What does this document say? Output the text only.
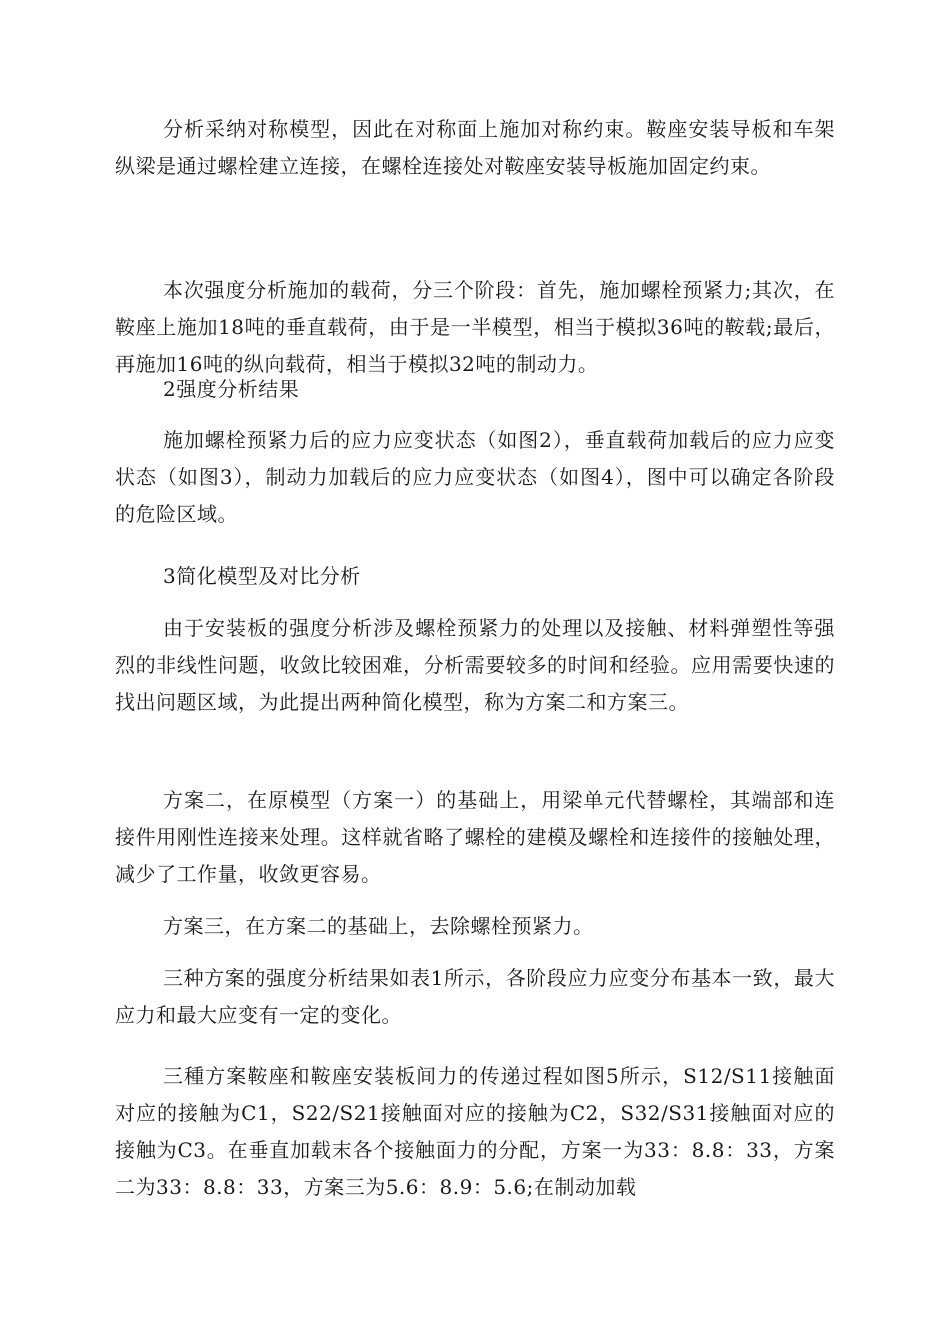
分析采纳对称模型，因此在对称面上施加对称约束。鞍座安装导板和车架纵梁是通过螺栓建立连接，在螺栓连接处对鞍座安装导板施加固定约束。

本次强度分析施加的载荷，分三个阶段：首先，施加螺栓预紧力;其次，在鞍座上施加18吨的垂直载荷，由于是一半模型，相当于模拟36吨的鞍载;最后，再施加16吨的纵向载荷，相当于模拟32吨的制动力。

2强度分析结果

施加螺栓预紧力后的应力应变状态（如图2），垂直载荷加载后的应力应变状态（如图3），制动力加载后的应力应变状态（如图4），图中可以确定各阶段的危险区域。

3简化模型及对比分析

由于安装板的强度分析涉及螺栓预紧力的处理以及接触、材料弹塑性等强烈的非线性问题，收敛比较困难，分析需要较多的时间和经验。应用需要快速的找出问题区域，为此提出两种简化模型，称为方案二和方案三。

方案二，在原模型（方案一）的基础上，用梁单元代替螺栓，其端部和连接件用刚性连接来处理。这样就省略了螺栓的建模及螺栓和连接件的接触处理，减少了工作量，收敛更容易。

方案三，在方案二的基础上，去除螺栓预紧力。

三种方案的强度分析结果如表1所示，各阶段应力应变分布基本一致，最大应力和最大应变有一定的变化。

三種方案鞍座和鞍座安装板间力的传递过程如图5所示，S12/S11接触面对应的接触为C1，S22/S21接触面对应的接触为C2，S32/S31接触面对应的接触为C3。在垂直加载末各个接触面力的分配，方案一为33：8.8：33，方案二为33：8.8：33，方案三为5.6：8.9：5.6;在制动加载
